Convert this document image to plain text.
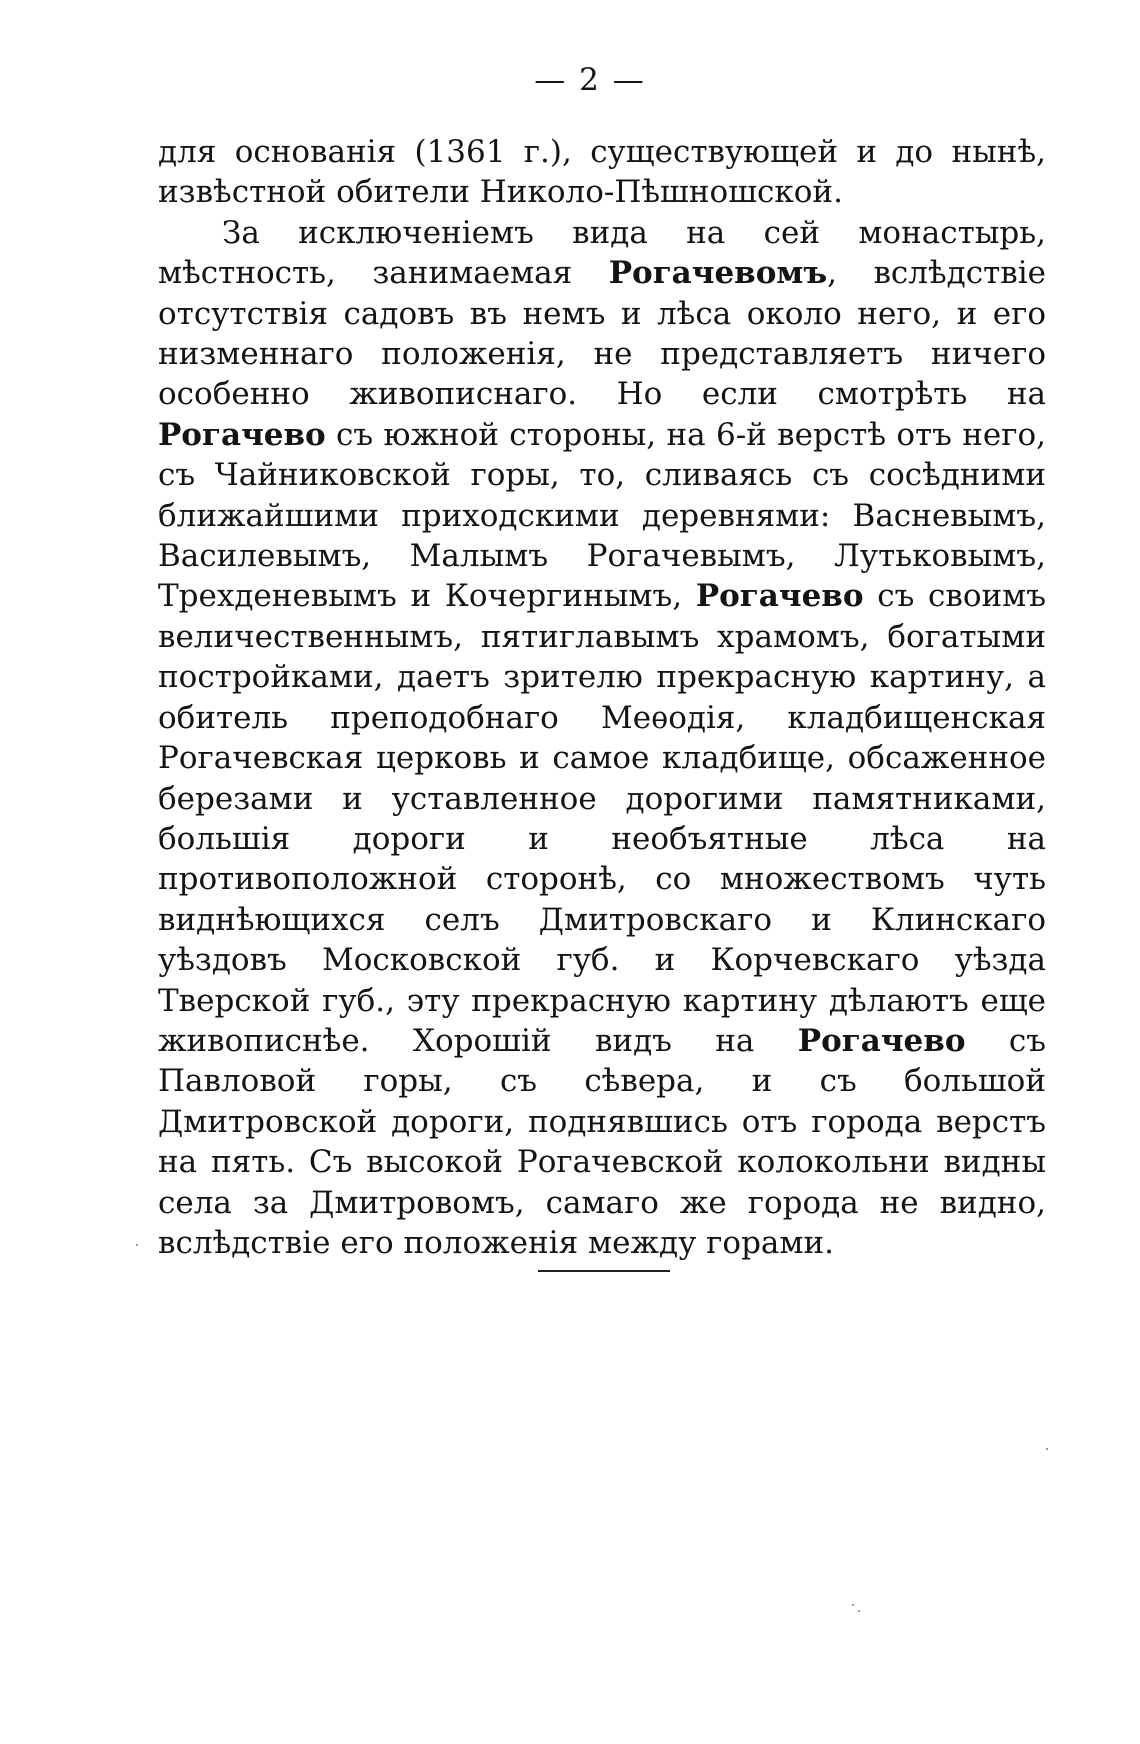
— 2 —

для основанія (1361 г.), существующей и до нынѣ, извѣстной обители Николо-Пѣшношской.

За исключеніемъ вида на сей монастырь, мѣстность, занимаемая Рогачевомъ, вслѣдствіе отсутствія садовъ въ немъ и лѣса около него, и его низменнаго положенія, не представляетъ ничего особенно живописнаго. Но если смотрѣть на Рогачево съ южной стороны, на 6-й верстѣ отъ него, съ Чайниковской горы, то, сливаясь съ сосѣдними ближайшими приходскими деревнями: Васневымъ, Василевымъ, Малымъ Рогачевымъ, Лутьковымъ, Трехденевымъ и Кочергинымъ, Рогачево съ своимъ величественнымъ, пятиглавымъ храмомъ, богатыми постройками, даетъ зрителю прекрасную картину, а обитель преподобнаго Меѳодія, кладбищенская Рогачевская церковь и самое кладбище, обсаженное березами и уставленное дорогими памятниками, большія дороги и необъятные лѣса на противоположной сторонѣ, со множествомъ чуть виднѣющихся селъ Дмитровскаго и Клинскаго уѣздовъ Московской губ. и Корчевскаго уѣзда Тверской губ., эту прекрасную картину дѣлаютъ еще живописнѣе. Хорошій видъ на Рогачево съ Павловой горы, съ сѣвера, и съ большой Дмитровской дороги, поднявшись отъ города верстъ на пять. Съ высокой Рогачевской колокольни видны села за Дмитровомъ, самаго же города не видно, вслѣдствіе его положенія между горами.
